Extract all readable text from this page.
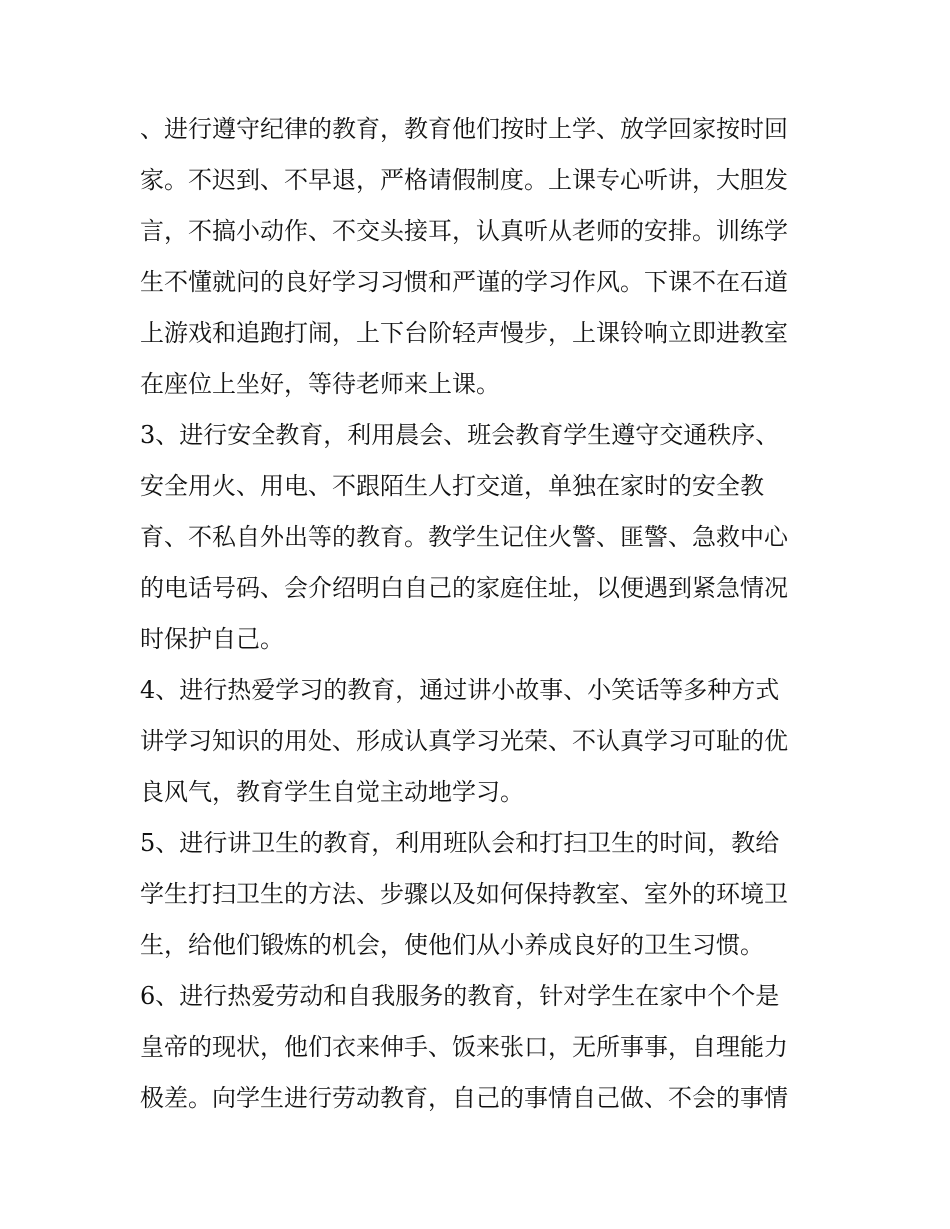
、进行遵守纪律的教育，教育他们按时上学、放学回家按时回
家。不迟到、不早退，严格请假制度。上课专心听讲，大胆发
言，不搞小动作、不交头接耳，认真听从老师的安排。训练学
生不懂就问的良好学习习惯和严谨的学习作风。下课不在石道
上游戏和追跑打闹，上下台阶轻声慢步，上课铃响立即进教室
在座位上坐好，等待老师来上课。
3、进行安全教育，利用晨会、班会教育学生遵守交通秩序、
安全用火、用电、不跟陌生人打交道，单独在家时的安全教
育、不私自外出等的教育。教学生记住火警、匪警、急救中心
的电话号码、会介绍明白自己的家庭住址，以便遇到紧急情况
时保护自己。
4、进行热爱学习的教育，通过讲小故事、小笑话等多种方式
讲学习知识的用处、形成认真学习光荣、不认真学习可耻的优
良风气，教育学生自觉主动地学习。
5、进行讲卫生的教育，利用班队会和打扫卫生的时间，教给
学生打扫卫生的方法、步骤以及如何保持教室、室外的环境卫
生，给他们锻炼的机会，使他们从小养成良好的卫生习惯。
6、进行热爱劳动和自我服务的教育，针对学生在家中个个是
皇帝的现状，他们衣来伸手、饭来张口，无所事事，自理能力
极差。向学生进行劳动教育，自己的事情自己做、不会的事情
